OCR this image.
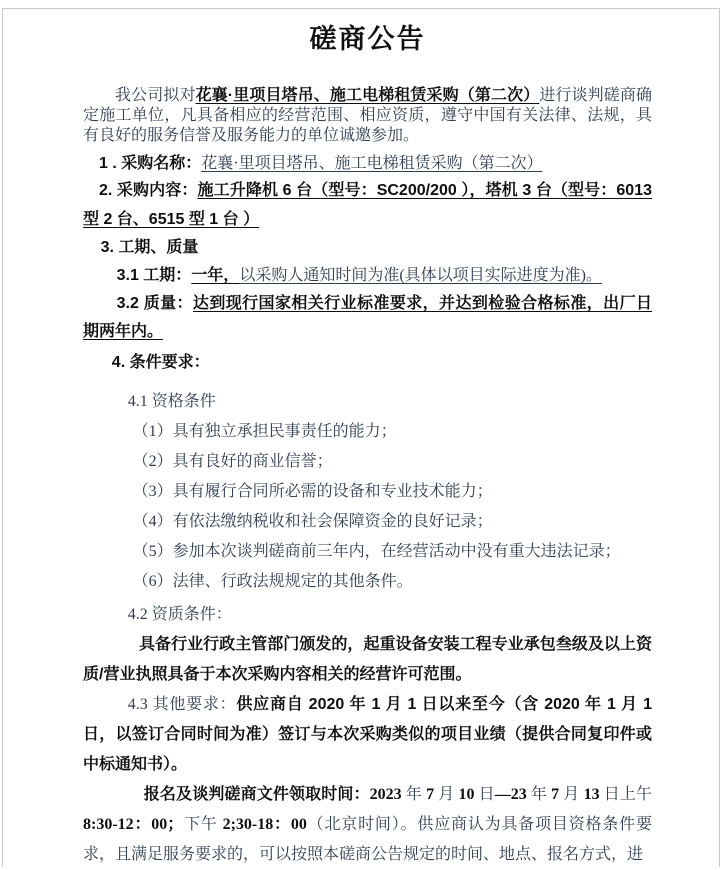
磋商公告

我公司拟对花襄·里项目塔吊、施工电梯租赁采购（第二次）进行谈判磋商确定施工单位，凡具备相应的经营范围、相应资质，遵守中国有关法律、法规，具有良好的服务信誉及服务能力的单位诚邀参加。

1 . 采购名称：花襄·里项目塔吊、施工电梯租赁采购（第二次）

2. 采购内容：施工升降机 6 台（型号：SC200/200 ），塔机 3 台（型号：6013 型 2 台、6515 型 1 台 ）

3. 工期、质量

3.1 工期：一年，以采购人通知时间为准(具体以项目实际进度为准)。

3.2 质量：达到现行国家相关行业标准要求，并达到检验合格标准，出厂日期两年内。

4. 条件要求：

4.1 资格条件

（1）具有独立承担民事责任的能力；

（2）具有良好的商业信誉；

（3）具有履行合同所必需的设备和专业技术能力；

（4）有依法缴纳税收和社会保障资金的良好记录；

（5）参加本次谈判磋商前三年内，在经营活动中没有重大违法记录；

（6）法律、行政法规规定的其他条件。

4.2 资质条件：

具备行业行政主管部门颁发的，起重设备安装工程专业承包叁级及以上资质/营业执照具备于本次采购内容相关的经营许可范围。

4.3 其他要求：供应商自 2020 年 1 月 1 日以来至今（含 2020 年 1 月 1 日，以签订合同时间为准）签订与本次采购类似的项目业绩（提供合同复印件或中标通知书）。

报名及谈判磋商文件领取时间：2023 年 7 月 10 日—23 年 7 月 13 日上午 8:30-12：00；下午 2;30-18：00（北京时间）。供应商认为具备项目资格条件要求，且满足服务要求的，可以按照本磋商公告规定的时间、地点、报名方式，进
